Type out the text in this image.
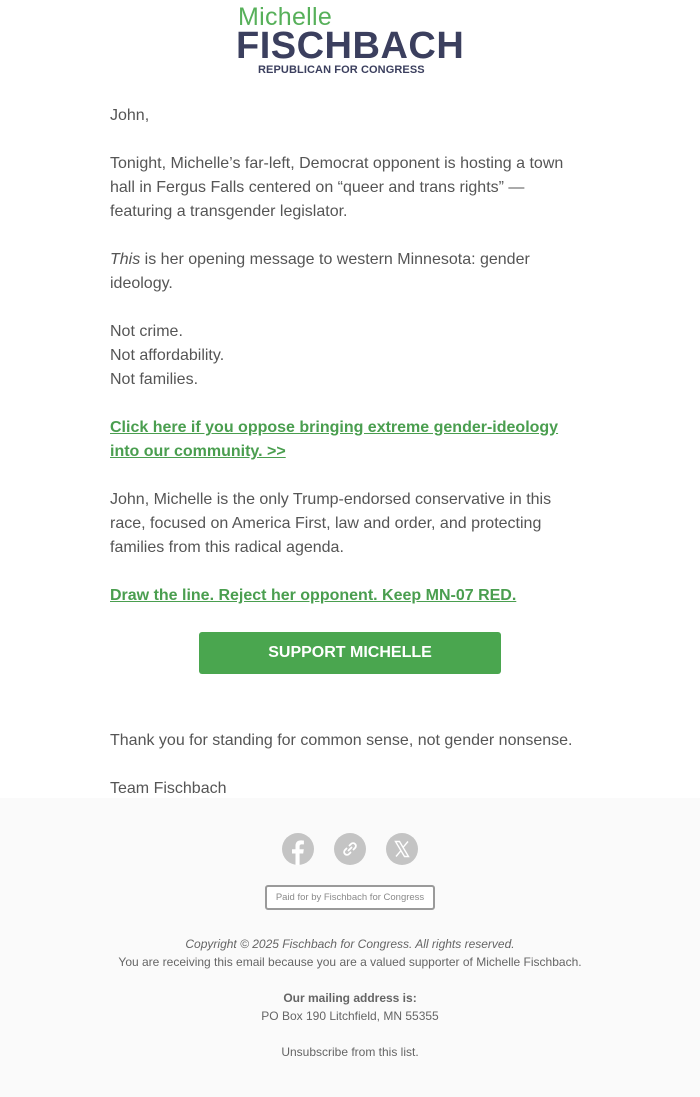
Michelle
FISCHBACH
REPUBLICAN FOR CONGRESS

John,

Tonight, Michelle’s far-left, Democrat opponent is hosting a town hall in Fergus Falls centered on “queer and trans rights” — featuring a transgender legislator.

This is her opening message to western Minnesota: gender ideology.

Not crime.

Not affordability.

Not families.

Click here if you oppose bringing extreme gender-ideology into our community. >>

John, Michelle is the only Trump-endorsed conservative in this race, focused on America First, law and order, and protecting families from this radical agenda.

Draw the line. Reject her opponent. Keep MN-07 RED.

SUPPORT MICHELLE FISCHBACH

Thank you for standing for common sense, not gender nonsense.

Team Fischbach

Paid for by Fischbach for Congress
Copyright © 2025 Fischbach for Congress. All rights reserved.
You are receiving this email because you are a valued supporter of Michelle Fischbach.
Our mailing address is:
PO Box 190 Litchfield, MN 55355
Unsubscribe from this list.
